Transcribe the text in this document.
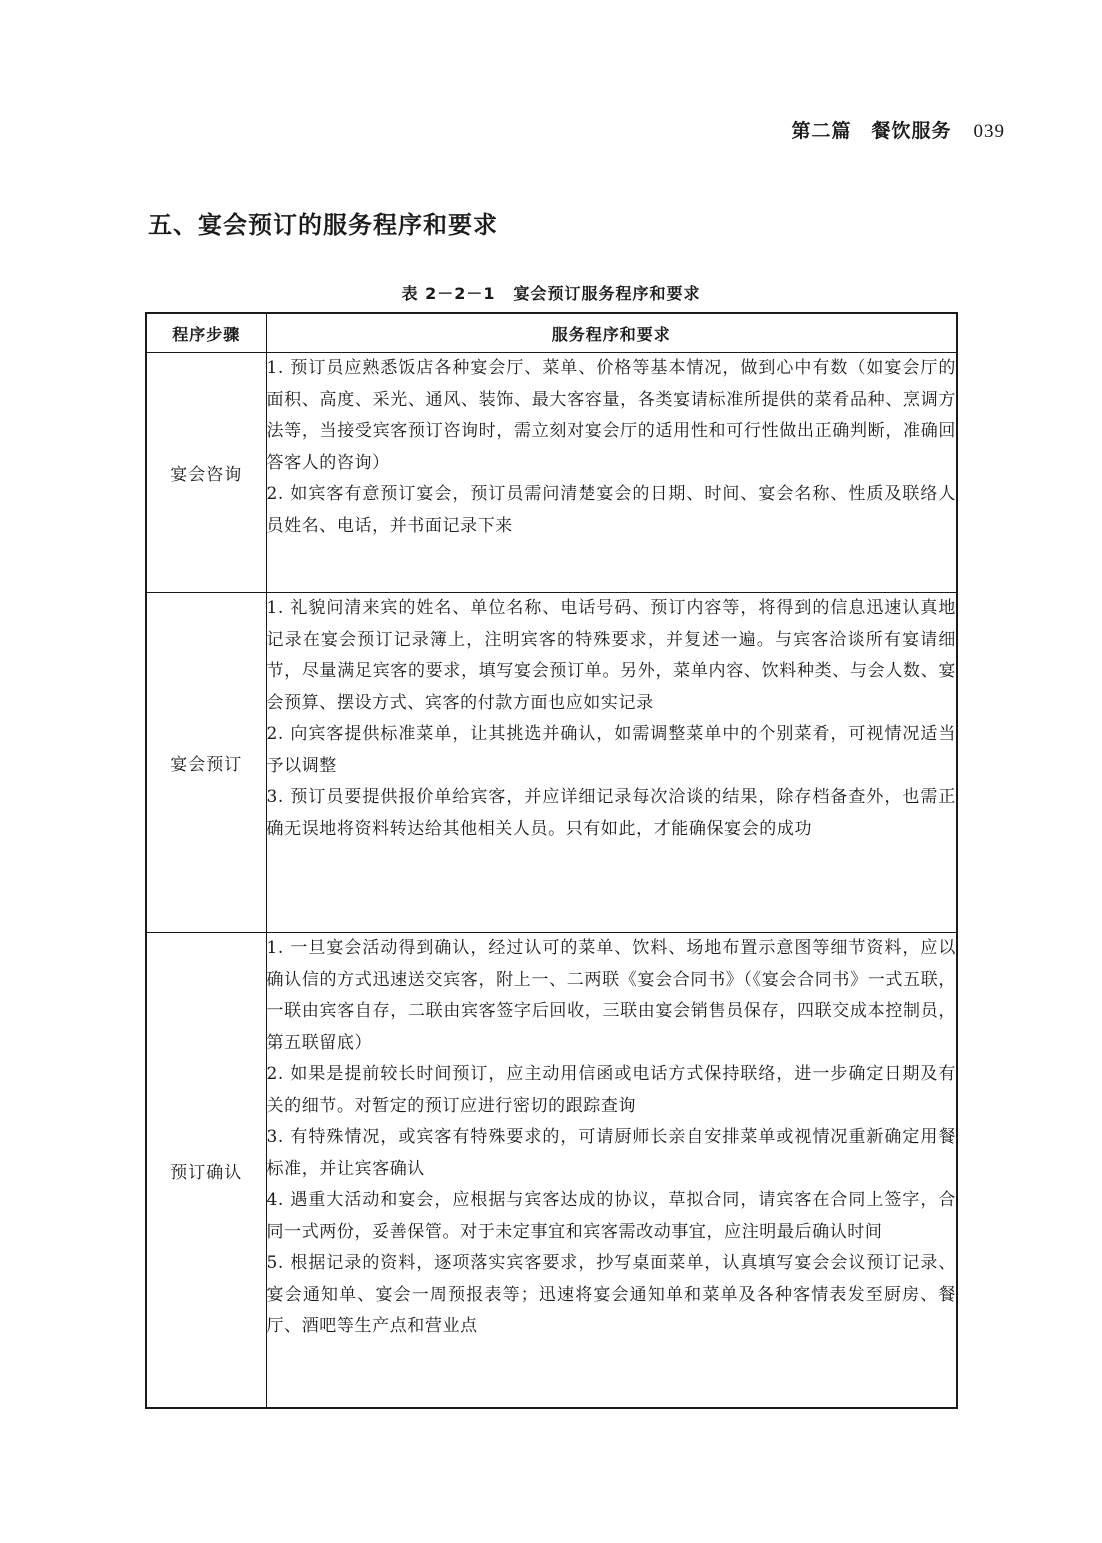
第二篇　餐饮服务 039
五、宴会预订的服务程序和要求
表 2－2－1 宴会预订服务程序和要求
程序步骤	服务程序和要求
宴会咨询	1. 预订员应熟悉饭店各种宴会厅、菜单、价格等基本情况，做到心中有数（如宴会厅的面积、高度、采光、通风、装饰、最大客容量，各类宴请标准所提供的菜肴品种、烹调方法等，当接受宾客预订咨询时，需立刻对宴会厅的适用性和可行性做出正确判断，准确回答客人的咨询）

2. 如宾客有意预订宴会，预订员需问清楚宴会的日期、时间、宴会名称、性质及联络人员姓名、电话，并书面记录下来

宴会预订	1. 礼貌问清来宾的姓名、单位名称、电话号码、预订内容等，将得到的信息迅速认真地记录在宴会预订记录簿上，注明宾客的特殊要求，并复述一遍。与宾客洽谈所有宴请细节，尽量满足宾客的要求，填写宴会预订单。另外，菜单内容、饮料种类、与会人数、宴会预算、摆设方式、宾客的付款方面也应如实记录

2. 向宾客提供标准菜单，让其挑选并确认，如需调整菜单中的个别菜肴，可视情况适当予以调整

3. 预订员要提供报价单给宾客，并应详细记录每次洽谈的结果，除存档备查外，也需正确无误地将资料转达给其他相关人员。只有如此，才能确保宴会的成功

预订确认	1. 一旦宴会活动得到确认，经过认可的菜单、饮料、场地布置示意图等细节资料，应以确认信的方式迅速送交宾客，附上一、二两联《宴会合同书》（《宴会合同书》一式五联，一联由宾客自存，二联由宾客签字后回收，三联由宴会销售员保存，四联交成本控制员，第五联留底）

2. 如果是提前较长时间预订，应主动用信函或电话方式保持联络，进一步确定日期及有关的细节。对暂定的预订应进行密切的跟踪查询

3. 有特殊情况，或宾客有特殊要求的，可请厨师长亲自安排菜单或视情况重新确定用餐标准，并让宾客确认

4. 遇重大活动和宴会，应根据与宾客达成的协议，草拟合同，请宾客在合同上签字，合同一式两份，妥善保管。对于未定事宜和宾客需改动事宜，应注明最后确认时间

5. 根据记录的资料，逐项落实宾客要求，抄写桌面菜单，认真填写宴会会议预订记录、宴会通知单、宴会一周预报表等；迅速将宴会通知单和菜单及各种客情表发至厨房、餐厅、酒吧等生产点和营业点
